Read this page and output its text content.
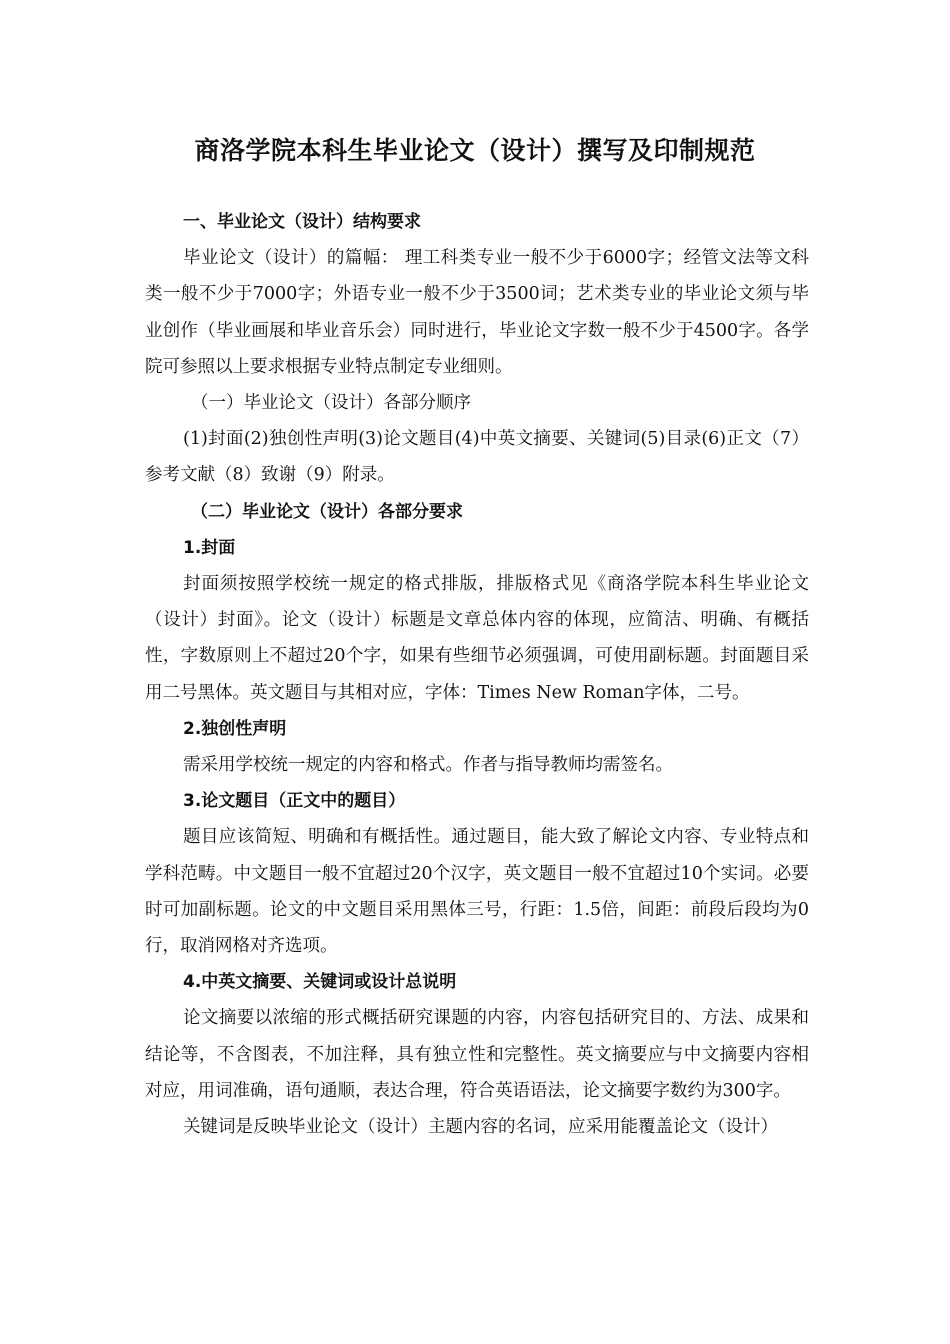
商洛学院本科生毕业论文（设计）撰写及印制规范

一、毕业论文（设计）结构要求

毕业论文（设计）的篇幅： 理工科类专业一般不少于6000字；经管文法等文科类一般不少于7000字；外语专业一般不少于3500词；艺术类专业的毕业论文须与毕业创作（毕业画展和毕业音乐会）同时进行，毕业论文字数一般不少于4500字。各学院可参照以上要求根据专业特点制定专业细则。

（一）毕业论文（设计）各部分顺序

(1)封面(2)独创性声明(3)论文题目(4)中英文摘要、关键词(5)目录(6)正文（7）参考文献（8）致谢（9）附录。

（二）毕业论文（设计）各部分要求

1.封面

封面须按照学校统一规定的格式排版，排版格式见《商洛学院本科生毕业论文（设计）封面》。论文（设计）标题是文章总体内容的体现，应简洁、明确、有概括性，字数原则上不超过20个字，如果有些细节必须强调，可使用副标题。封面题目采用二号黑体。英文题目与其相对应，字体：Times New Roman字体，二号。

2.独创性声明

需采用学校统一规定的内容和格式。作者与指导教师均需签名。

3.论文题目（正文中的题目）

题目应该简短、明确和有概括性。通过题目，能大致了解论文内容、专业特点和学科范畴。中文题目一般不宜超过20个汉字，英文题目一般不宜超过10个实词。必要时可加副标题。论文的中文题目采用黑体三号，行距：1.5倍，间距：前段后段均为0行，取消网格对齐选项。

4.中英文摘要、关键词或设计总说明

论文摘要以浓缩的形式概括研究课题的内容，内容包括研究目的、方法、成果和结论等，不含图表，不加注释，具有独立性和完整性。英文摘要应与中文摘要内容相对应，用词准确，语句通顺，表达合理，符合英语语法，论文摘要字数约为300字。

关键词是反映毕业论文（设计）主题内容的名词，应采用能覆盖论文（设计）
